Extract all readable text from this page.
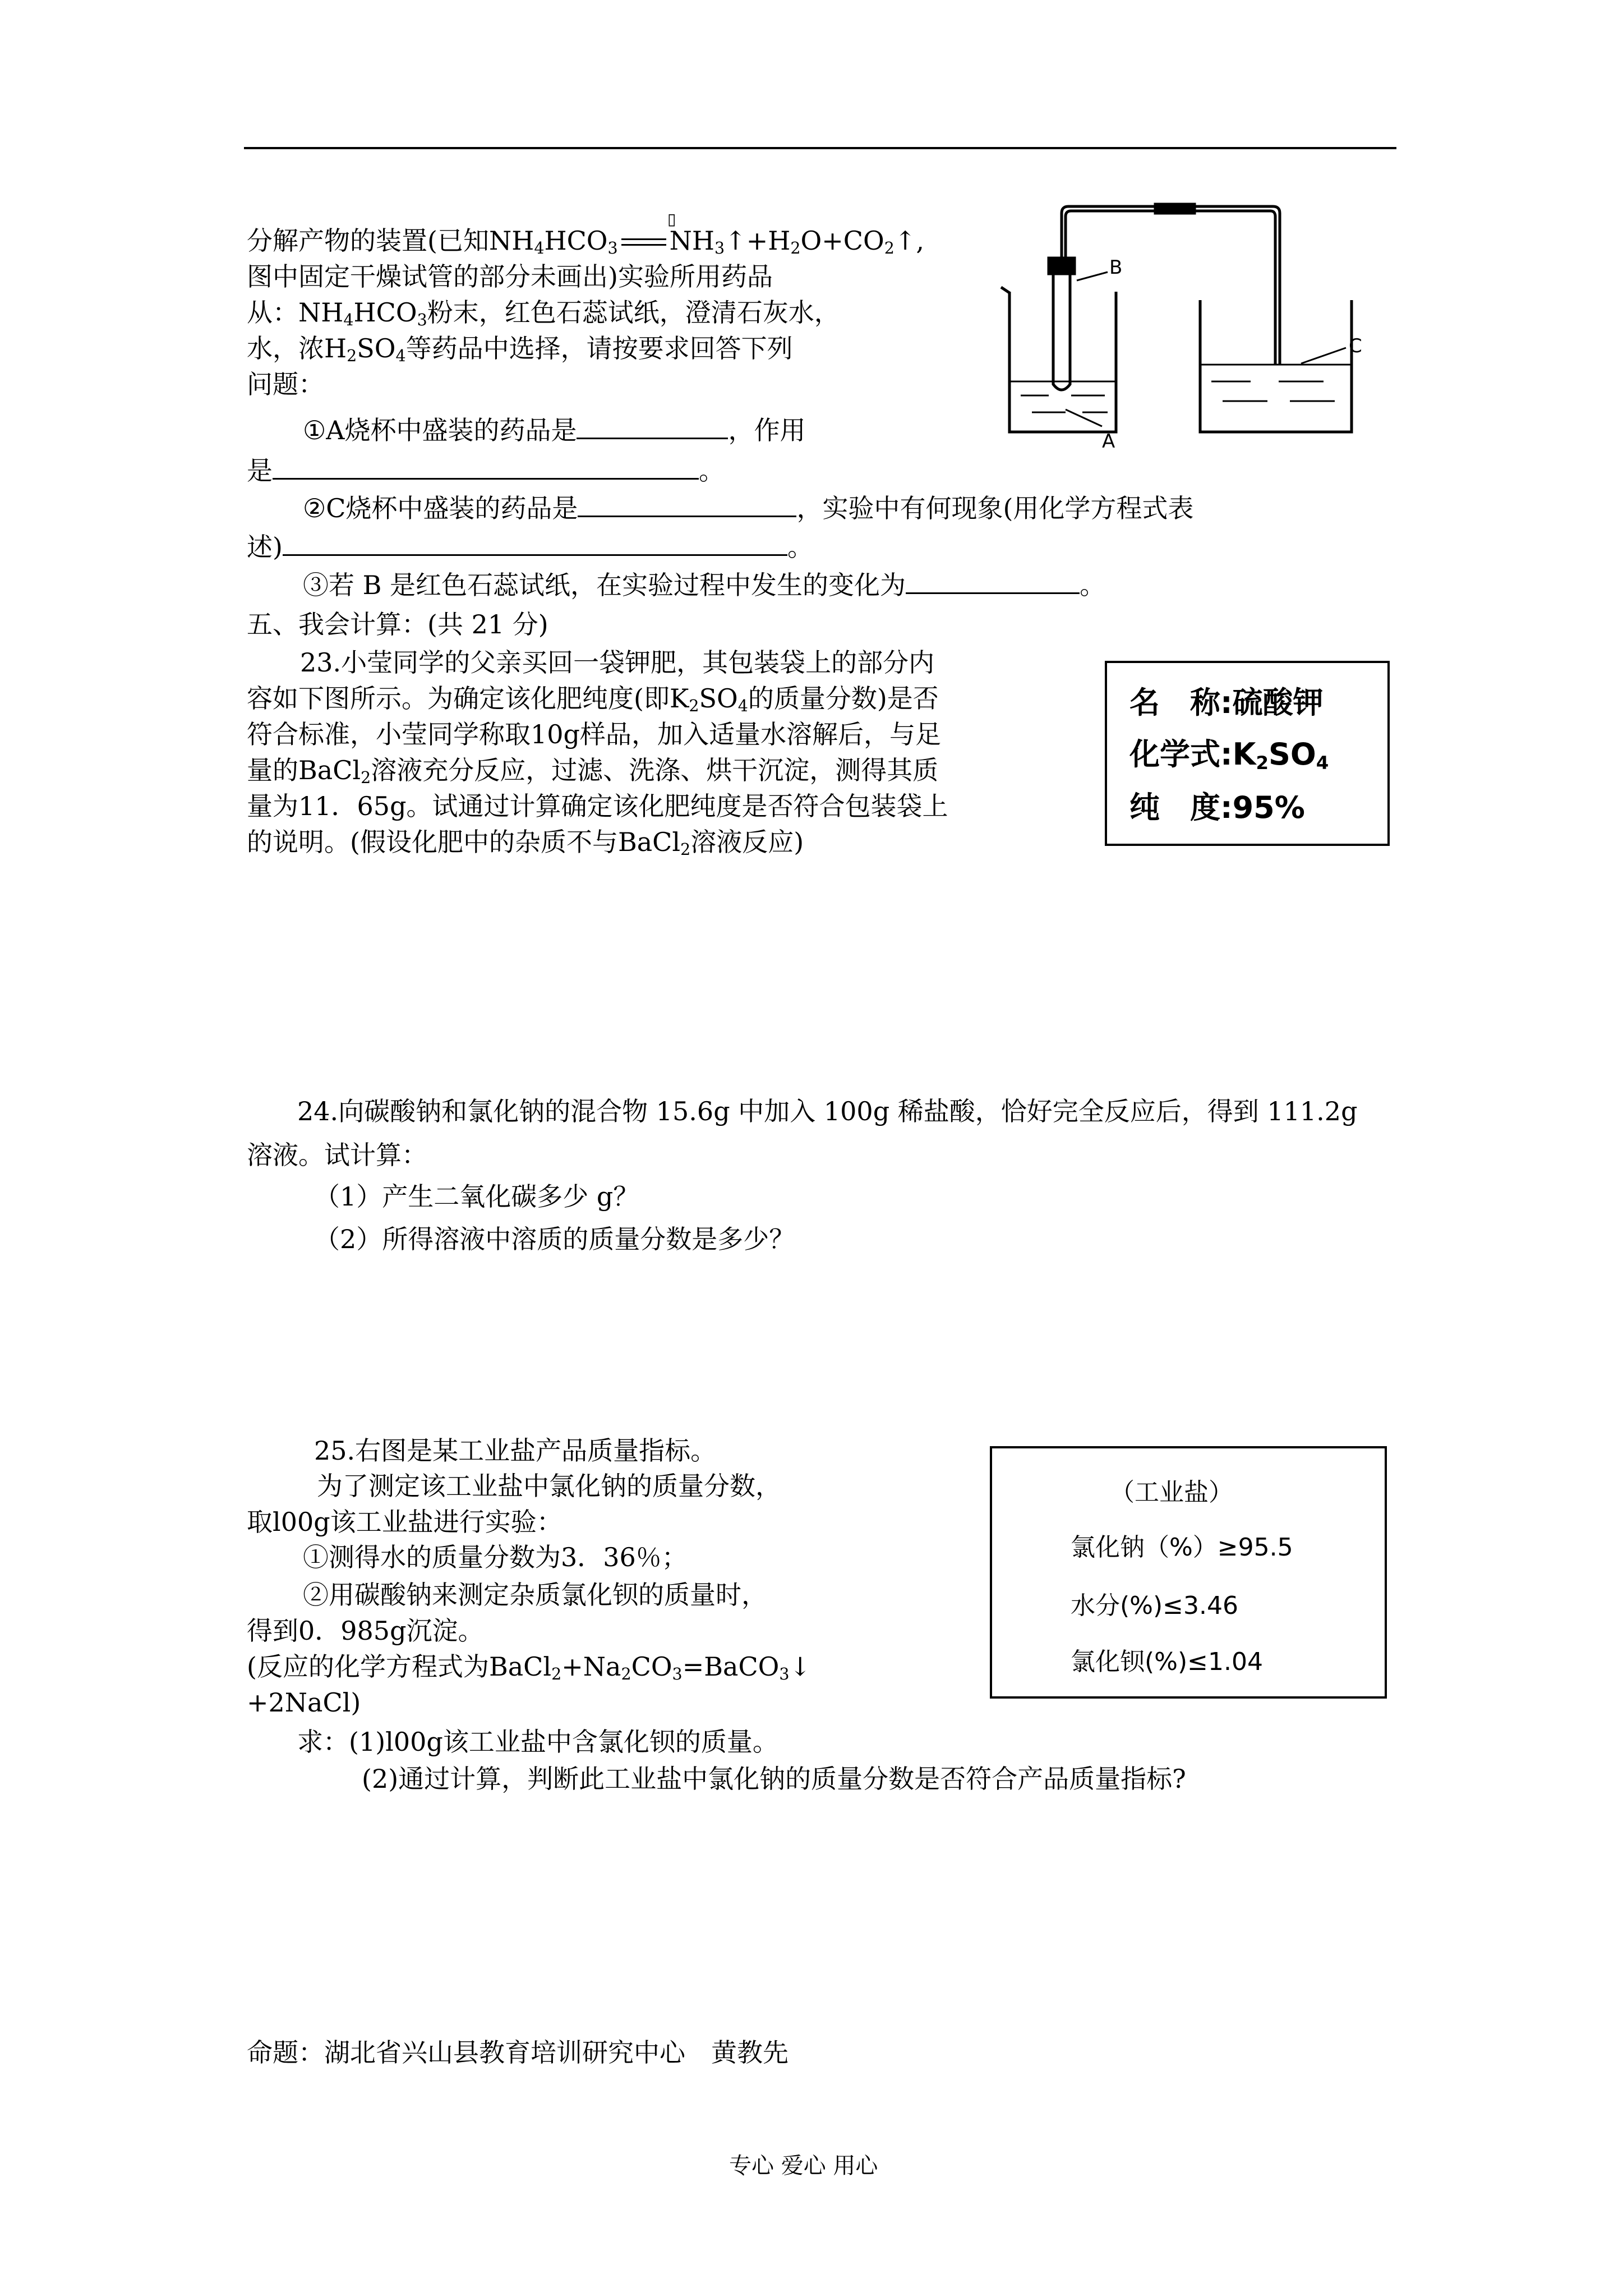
▯

分解产物的装置(已知$NH_4HCO_3$ $NH_3↑+H_2O+CO_2↑$,

图中固定干燥试管的部分未画出)实验所用药品

从：$NH_4HCO_3$粉末，红色石蕊试纸，澄清石灰水，

水，浓$H_2SO_4$等药品中选择，请按要求回答下列

问题：

①A烧杯中盛装的药品是	，作用

是	。

②C烧杯中盛装的药品是	，实验中有何现象(用化学方程式表

述)	。

③若 B 是红色石蕊试纸，在实验过程中发生的变化为	。

B
A
C

五、我会计算：(共 21 分)

23.小莹同学的父亲买回一袋钾肥，其包装袋上的部分内

容如下图所示。为确定该化肥纯度(即$K_2SO_4$的质量分数)是否

符合标准，小莹同学称取10g样品，加入适量水溶解后，与足

量的BaCl$_2$溶液充分反应，过滤、洗涤、烘干沉淀，测得其质

量为11．65g。试通过计算确定该化肥纯度是否符合包装袋上

的说明。(假设化肥中的杂质不与BaCl$_2$溶液反应)

名　称:硫酸钾
化学式$:K_2SO_4$
纯　度:95%

24.向碳酸钠和氯化钠的混合物 15.6g 中加入 100g 稀盐酸，恰好完全反应后，得到 111.2g

溶液。试计算：

（1）产生二氧化碳多少 g？

（2）所得溶液中溶质的质量分数是多少？

25.右图是某工业盐产品质量指标。

为了测定该工业盐中氯化钠的质量分数，

取l00g该工业盐进行实验：

①测得水的质量分数为3．36％；

②用碳酸钠来测定杂质氯化钡的质量时，

得到0．985g沉淀。

(反应的化学方程式为$BaCl_2+Na_2CO_3=BaCO_3↓$

+2NaCl)

求：(1)l00g该工业盐中含氯化钡的质量。

(2)通过计算，判断此工业盐中氯化钠的质量分数是否符合产品质量指标?

（工业盐）
氯化钠（%）≥95.5
水分(%)≤3.46
氯化钡(%)≤1.04

命题：湖北省兴山县教育培训研究中心　黄教先

专心 爱心 用心
